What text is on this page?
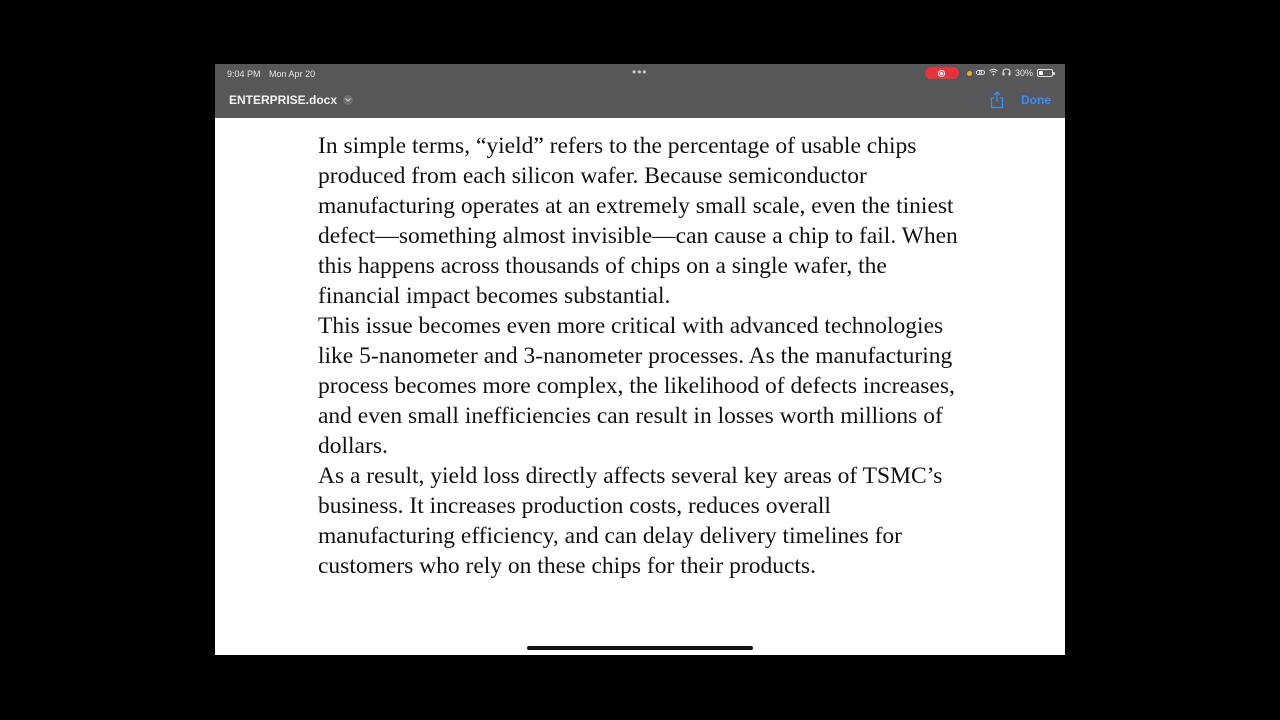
9:04 PM Mon Apr 20	•••	30%
ENTERPRISE.docx	Done

In simple terms, “yield” refers to the percentage of usable chips produced from each silicon wafer. Because semiconductor manufacturing operates at an extremely small scale, even the tiniest defect—something almost invisible—can cause a chip to fail. When this happens across thousands of chips on a single wafer, the financial impact becomes substantial.

This issue becomes even more critical with advanced technologies like 5-nanometer and 3-nanometer processes. As the manufacturing process becomes more complex, the likelihood of defects increases, and even small inefficiencies can result in losses worth millions of dollars.

As a result, yield loss directly affects several key areas of TSMC’s business. It increases production costs, reduces overall manufacturing efficiency, and can delay delivery timelines for customers who rely on these chips for their products.
